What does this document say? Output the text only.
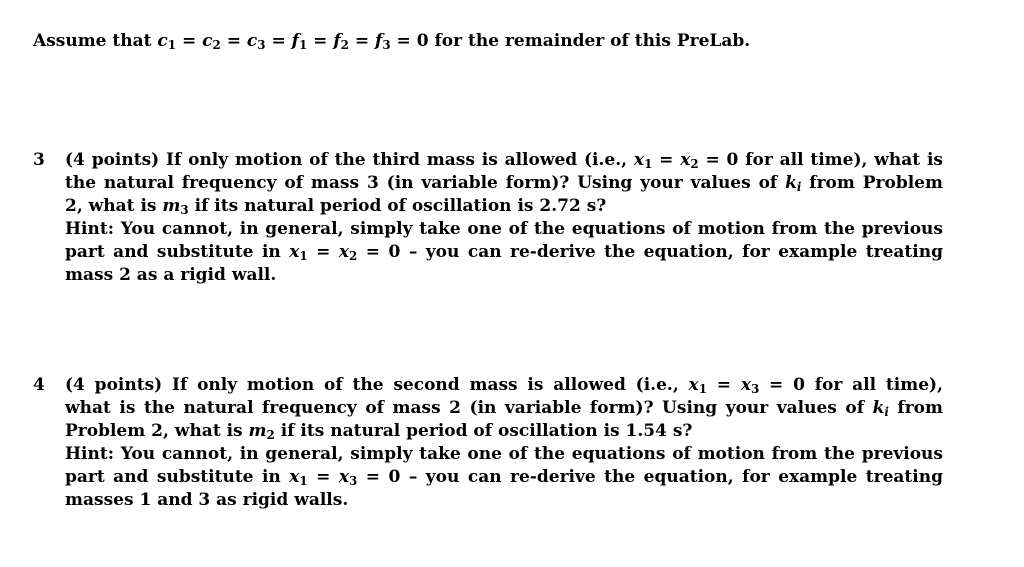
Assume that $c_1 = c_2 = c_3 = f_1 = f_2 = f_3 = 0$ for the remainder of this PreLab.
3 (4 points) If only motion of the third mass is allowed (i.e., $x_1 = x_2 = 0$ for all time), what is
the natural frequency of mass 3 (in variable form)? Using your values of $k_i$ from Problem
2, what is $m_3$ if its natural period of oscillation is 2.72 s?
Hint: You cannot, in general, simply take one of the equations of motion from the previous
part and substitute in $x_1 = x_2 = 0$ – you can re-derive the equation, for example treating
mass 2 as a rigid wall.
4 (4 points) If only motion of the second mass is allowed (i.e., $x_1 = x_3 = 0$ for all time),
what is the natural frequency of mass 2 (in variable form)? Using your values of $k_i$ from
Problem 2, what is $m_2$ if its natural period of oscillation is 1.54 s?
Hint: You cannot, in general, simply take one of the equations of motion from the previous
part and substitute in $x_1 = x_3 = 0$ – you can re-derive the equation, for example treating
masses 1 and 3 as rigid walls.
